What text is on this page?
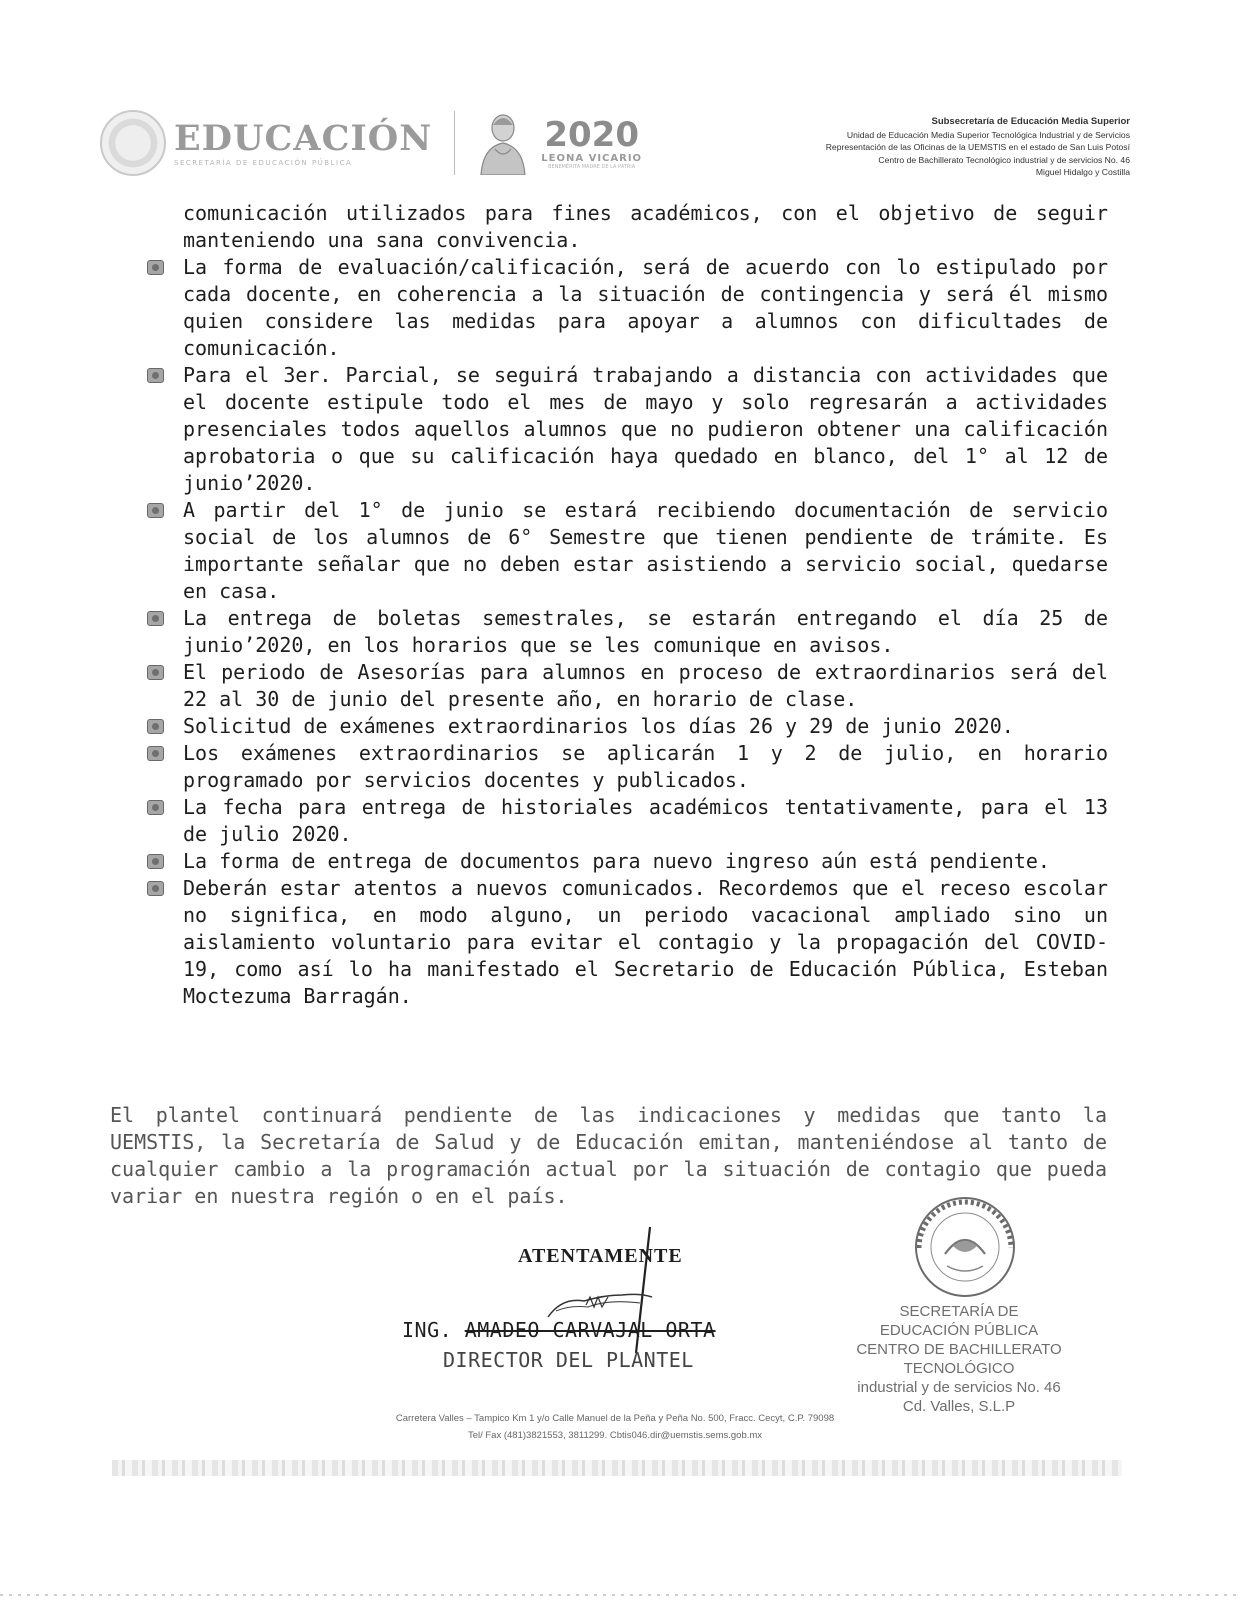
EDUCACIÓN
SECRETARÍA DE EDUCACIÓN PÚBLICA
2020
LEONA VICARIO
BENEMÉRITA MADRE DE LA PATRIA
Subsecretaría de Educación Media Superior
Unidad de Educación Media Superior Tecnológica Industrial y de Servicios
Representación de las Oficinas de la UEMSTIS en el estado de San Luis Potosí
Centro de Bachillerato Tecnológico industrial y de servicios No. 46
Miguel Hidalgo y Costilla
comunicación utilizados para fines académicos, con el objetivo de seguir manteniendo una sana convivencia.
La forma de evaluación/calificación, será de acuerdo con lo estipulado por cada docente, en coherencia a la situación de contingencia y será él mismo quien considere las medidas para apoyar a alumnos con dificultades de comunicación.
Para el 3er. Parcial, se seguirá trabajando a distancia con actividades que el docente estipule todo el mes de mayo y solo regresarán a actividades presenciales todos aquellos alumnos que no pudieron obtener una calificación aprobatoria o que su calificación haya quedado en blanco, del 1° al 12 de junio’2020.
A partir del 1° de junio se estará recibiendo documentación de servicio social de los alumnos de 6° Semestre que tienen pendiente de trámite. Es importante señalar que no deben estar asistiendo a servicio social, quedarse en casa.
La entrega de boletas semestrales, se estarán entregando el día 25 de junio’2020, en los horarios que se les comunique en avisos.
El periodo de Asesorías para alumnos en proceso de extraordinarios será del 22 al 30 de junio del presente año, en horario de clase.
Solicitud de exámenes extraordinarios los días 26 y 29 de junio 2020.
Los exámenes extraordinarios se aplicarán 1 y 2 de julio, en horario programado por servicios docentes y publicados.
La fecha para entrega de historiales académicos tentativamente, para el 13 de julio 2020.
La forma de entrega de documentos para nuevo ingreso aún está pendiente.
Deberán estar atentos a nuevos comunicados. Recordemos que el receso escolar no significa, en modo alguno, un periodo vacacional ampliado sino un aislamiento voluntario para evitar el contagio y la propagación del COVID-19, como así lo ha manifestado el Secretario de Educación Pública, Esteban Moctezuma Barragán.
El plantel continuará pendiente de las indicaciones y medidas que tanto la UEMSTIS, la Secretaría de Salud y de Educación emitan, manteniéndose al tanto de cualquier cambio a la programación actual por la situación de contagio que pueda variar en nuestra región o en el país.
ATENTAMENTE
ING. AMADEO CARVAJAL ORTA
DIRECTOR DEL PLANTEL
SECRETARÍA DE
EDUCACIÓN PÚBLICA
CENTRO DE BACHILLERATO
TECNOLÓGICO
industrial y de servicios No. 46
Cd. Valles, S.L.P
Carretera Valles – Tampico Km 1 y/o Calle Manuel de la Peña y Peña No. 500, Fracc. Cecyt, C.P. 79098
Tel/ Fax (481)3821553, 3811299. Cbtis046.dir@uemstis.sems.gob.mx
